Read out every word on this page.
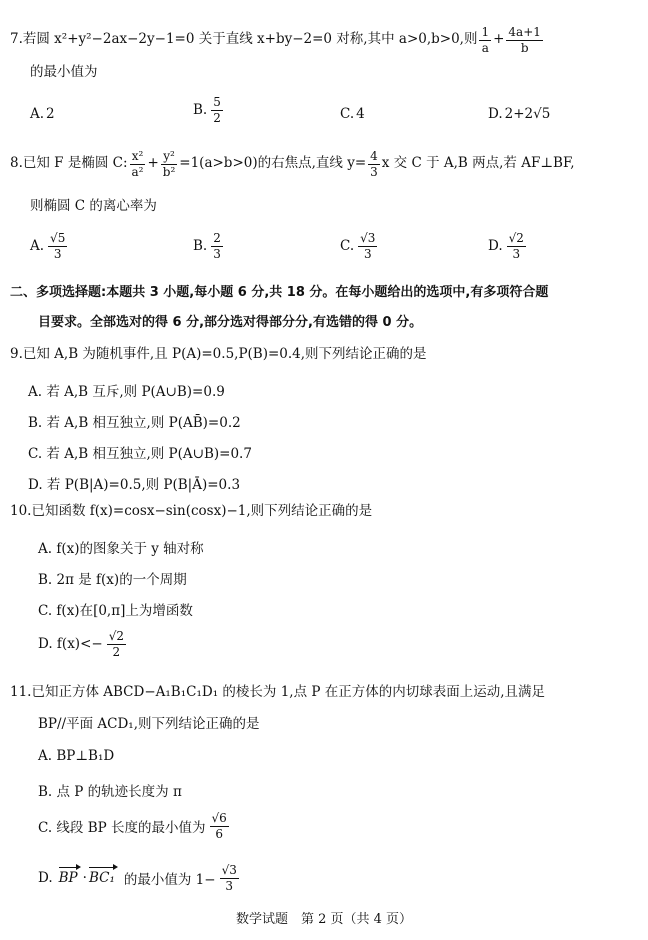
7.若圆 x²+y²−2ax−2y−1=0 关于直线 x+by−2=0 对称,其中 a>0,b>0,则 $\frac{1}{a} + \frac{4a+1}{b}$
的最小值为
A. 2	B. $\frac{5}{2}$	C. 4	D. 2+2√5
8.已知 F 是椭圆 C: $\frac{\text{x²}}{\text{a²}} + \frac{\text{y²}}{\text{b²}} =1(a>b>0)$的右焦点,直线 $y= \frac{4}{3}$ x 交 C 于 A,B 两点,若 AF⊥BF,
则椭圆 C 的离心率为
A. $\frac{√5}{3}$	B. $\frac{2}{3}$	C. $\frac{√3}{3}$	D. $\frac{√2}{3}$
二、多项选择题:本题共 3 小题,每小题 6 分,共 18 分。在每小题给出的选项中,有多项符合题
目要求。全部选对的得 6 分,部分选对得部分分,有选错的得 0 分。
9.已知 A,B 为随机事件,且 P(A)=0.5,P(B)=0.4,则下列结论正确的是
A. 若 A,B 互斥,则 P(A∪B)=0.9
B. 若 A,B 相互独立,则 P(AB̄)=0.2
C. 若 A,B 相互独立,则 P(A∪B)=0.7
D. 若 P(B|A)=0.5,则 P(B|Ā)=0.3
10.已知函数 f(x)=cosx−sin(cosx)−1,则下列结论正确的是
A. f(x)的图象关于 y 轴对称
B. 2π 是 f(x)的一个周期
C. f(x)在[0,π]上为增函数
D. $f(x)<- \frac{√2}{2}$
11.已知正方体 ABCD−A₁B₁C₁D₁ 的棱长为 1,点 P 在正方体的内切球表面上运动,且满足
BP//平面 ACD₁,则下列结论正确的是
A. BP⊥B₁D
B. 点 P 的轨迹长度为 π
C. 线段 BP 长度的最小值为 $\frac{√6}{6}$
D. BP · BC₁ 的最小值为 $1- \frac{√3}{3}$
数学试题　第 2 页（共 4 页）
